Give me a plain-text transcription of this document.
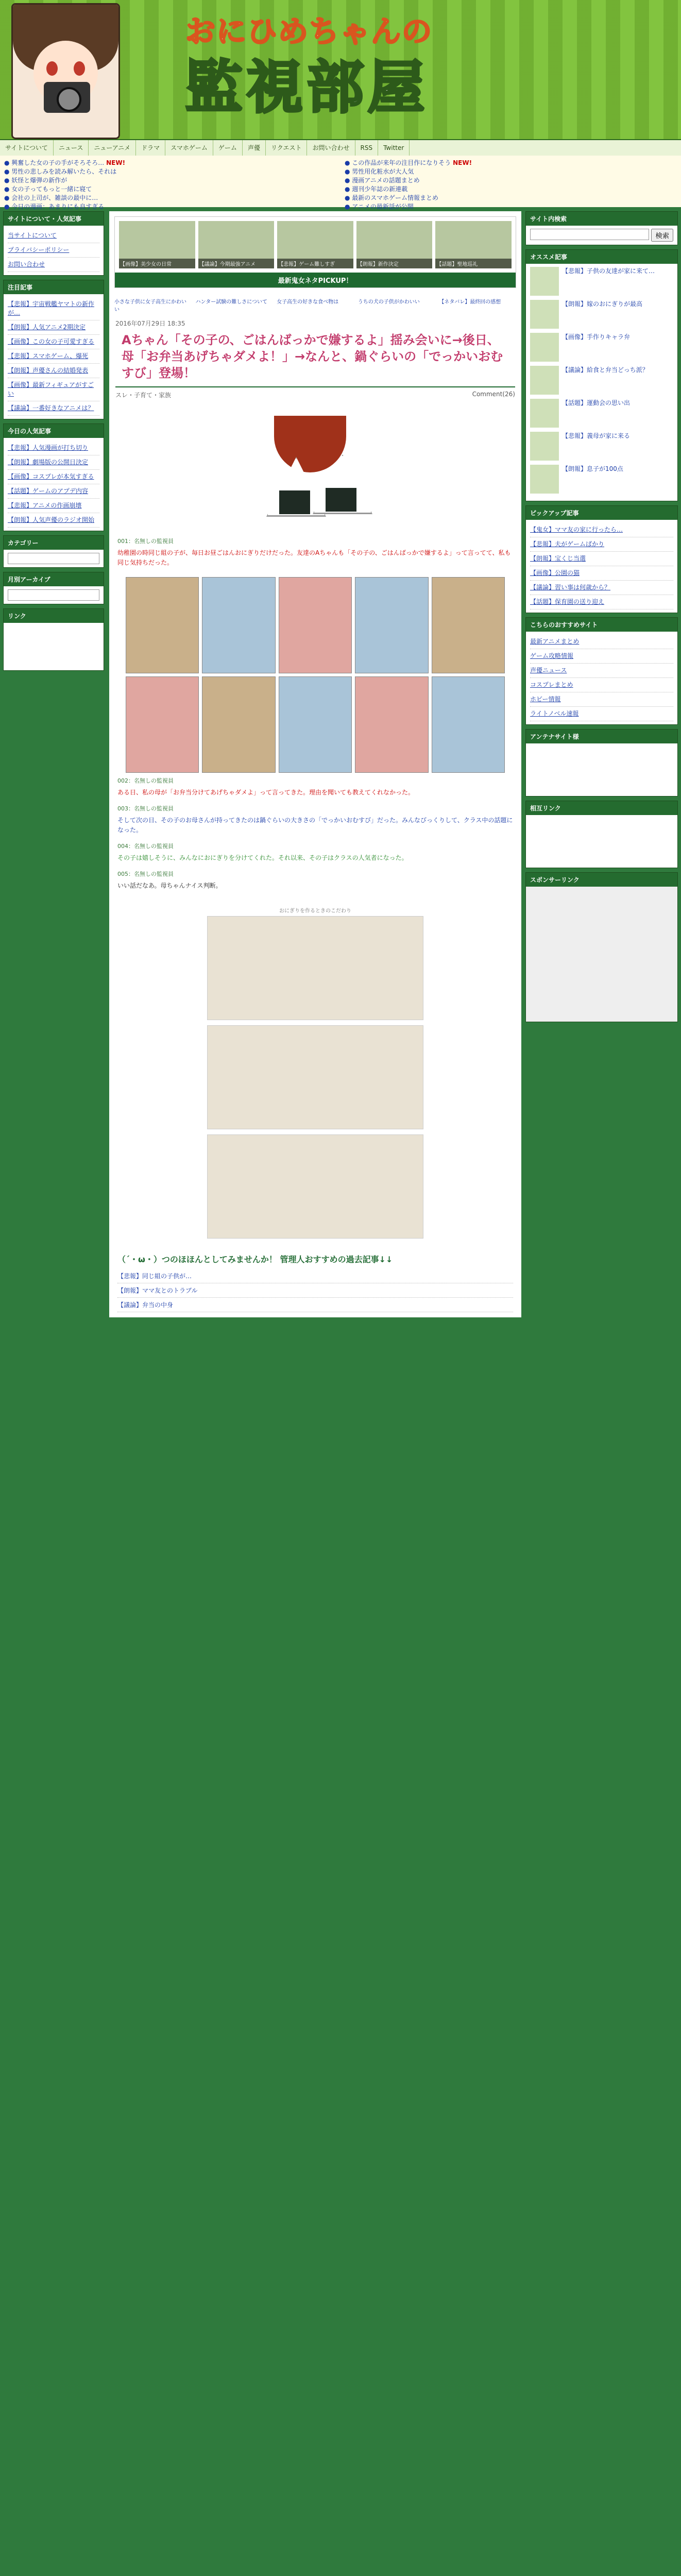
おにひめちゃんの
監視部屋
サイトについて	ニュース	ニューアニメ	ドラマ	スマホゲーム	ゲーム	声優	リクエスト	お問い合わせ	RSS	Twitter
● 興奮した女の子の手がそろそろ… NEW!
● 男性の悲しみを読み解いたら、それは
● 妖怪と爆弾の新作が
● 女の子ってもっと一緒に寝て
● 会社の上司が、雑談の最中に…
● 今日の漫画：あまりにも良すぎる
● この作品が来年の注目作になりそう NEW!
● 男性用化粧水が大人気
● 漫画アニメの話題まとめ
● 週刊少年誌の新連載
● 最新のスマホゲーム情報まとめ
● アニメの最新話が公開
サイトについて・人気記事
当サイトについて
プライバシーポリシー
お問い合わせ
注目記事
【悲報】宇宙戦艦ヤマトの新作が…
【朗報】人気アニメ2期決定
【画像】この女の子可愛すぎる
【悲報】スマホゲーム、爆死
【朗報】声優さんの結婚発表
【画像】最新フィギュアがすごい
【議論】一番好きなアニメは？
今日の人気記事
【悲報】人気漫画が打ち切り
【朗報】劇場版の公開日決定
【画像】コスプレが本気すぎる
【話題】ゲームのアプデ内容
【悲報】アニメの作画崩壊
【朗報】人気声優のラジオ開始
カテゴリー
月別アーカイブ
リンク
【画像】美少女の日常	【議論】今期最強アニメ	【悲報】ゲーム難しすぎ	【朗報】新作決定	【話題】聖地巡礼
最新鬼女ネタPICKUP！
小さな子供に女子高生にかわいい
ハンター試験の難しさについて	女子高生の好きな食べ物は	うちの犬の子供がかわいい	【ネタバレ】最終回の感想
2016年07月29日 18:35
Aちゃん「その子の、ごはんばっかで嫌するよ」揺み会いに→後日、母「お弁当あげちゃダメよ！」→なんと、鍋ぐらいの「でっかいおむすび」登場！
スレ・子育て・家族	Comment(26)
001：名無しの監視員

幼稚園の時同じ組の子が、毎日お昼ごはんおにぎりだけだった。友達のAちゃんも「その子の、ごはんばっかで嫌するよ」って言ってて、私も同じ気持ちだった。

002：名無しの監視員

ある日、私の母が「お弁当分けてあげちゃダメよ」って言ってきた。理由を聞いても教えてくれなかった。

003：名無しの監視員

そして次の日、その子のお母さんが持ってきたのは鍋ぐらいの大きさの「でっかいおむすび」だった。みんなびっくりして、クラス中の話題になった。

004：名無しの監視員

その子は嬉しそうに、みんなにおにぎりを分けてくれた。それ以来、その子はクラスの人気者になった。

005：名無しの監視員

いい話だなあ。母ちゃんナイス判断。

おにぎりを作るときのこだわり
（´・ω・）つのほほんとしてみませんか！ 管理人おすすめの過去記事↓↓
【悲報】同じ組の子供が…
【朗報】ママ友とのトラブル
【議論】弁当の中身
サイト内検索
検索
オススメ記事
【悲報】子供の友達が家に来て…
【朗報】嫁のおにぎりが最高
【画像】手作りキャラ弁
【議論】給食と弁当どっち派？
【話題】運動会の思い出
【悲報】義母が家に来る
【朗報】息子が100点
ピックアップ記事
【鬼女】ママ友の家に行ったら…
【悲報】夫がゲームばかり
【朗報】宝くじ当選
【画像】公園の猫
【議論】習い事は何歳から？
【話題】保育園の送り迎え
こちらのおすすめサイト
最新アニメまとめ
ゲーム攻略情報
声優ニュース
コスプレまとめ
ホビー情報
ライトノベル速報
アンテナサイト様
相互リンク
スポンサーリンク
